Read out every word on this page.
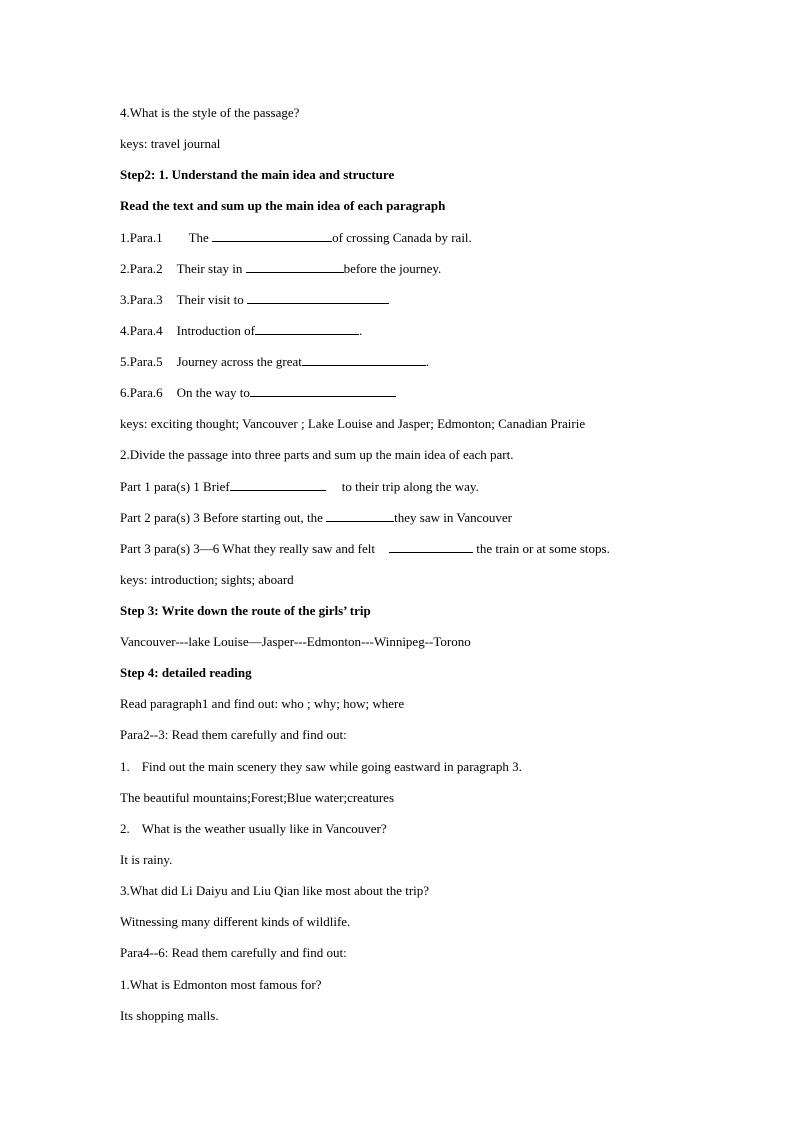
4.What is the style of the passage?
keys: travel journal
Step2: 1. Understand the main idea and structure
Read the text and sum up the main idea of each paragraph
1.Para.1 The	of crossing Canada by rail.
2.Para.2 Their stay in	before the journey.
3.Para.3 Their visit to
4.Para.4 Introduction of	.
5.Para.5 Journey across the great	.
6.Para.6 On the way to
keys: exciting thought; Vancouver ; Lake Louise and Jasper; Edmonton; Canadian Prairie
2.Divide the passage into three parts and sum up the main idea of each part.
Part 1 para(s) 1 Brief	to their trip along the way.
Part 2 para(s) 3 Before starting out, the	they saw in Vancouver
Part 3 para(s) 3—6 What they really saw and felt	the train or at some stops.
keys: introduction; sights; aboard
Step 3: Write down the route of the girls’ trip
Vancouver---lake Louise—Jasper---Edmonton---Winnipeg--Torono
Step 4: detailed reading
Read paragraph1 and find out: who ; why; how; where
Para2--3: Read them carefully and find out:
1. Find out the main scenery they saw while going eastward in paragraph 3.
The beautiful mountains;Forest;Blue water;creatures
2. What is the weather usually like in Vancouver?
It is rainy.
3.What did Li Daiyu and Liu Qian like most about the trip?
Witnessing many different kinds of wildlife.
Para4--6: Read them carefully and find out:
1.What is Edmonton most famous for?
Its shopping malls.
